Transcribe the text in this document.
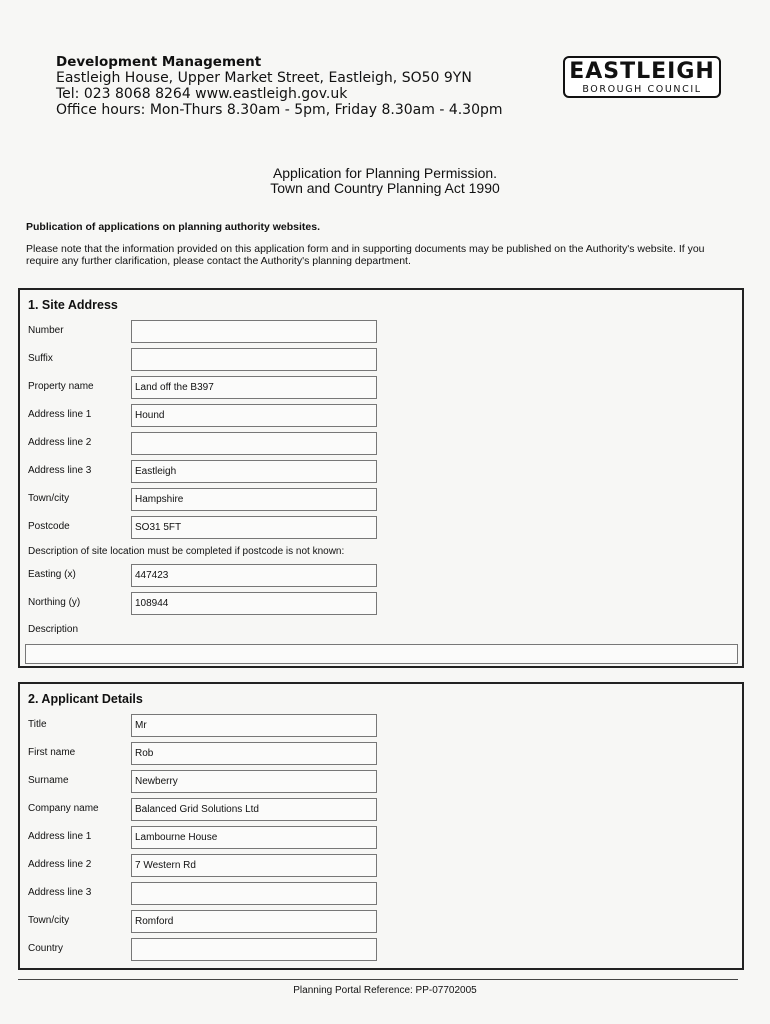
Development Management
Eastleigh House, Upper Market Street, Eastleigh, SO50 9YN
Tel: 023 8068 8264 www.eastleigh.gov.uk
Office hours: Mon-Thurs 8.30am - 5pm, Friday 8.30am - 4.30pm
EASTLEIGH
BOROUGH COUNCIL
Application for Planning Permission.
Town and Country Planning Act 1990
Publication of applications on planning authority websites.
Please note that the information provided on this application form and in supporting documents may be published on the Authority's website. If you require any further clarification, please contact the Authority's planning department.
1. Site Address
Number
Suffix
Property name	Land off the B397
Address line 1	Hound
Address line 2
Address line 3	Eastleigh
Town/city	Hampshire
Postcode	SO31 5FT
Description of site location must be completed if postcode is not known:
Easting (x)	447423
Northing (y)	108944
Description
2. Applicant Details
Title	Mr
First name	Rob
Surname	Newberry
Company name	Balanced Grid Solutions Ltd
Address line 1	Lambourne House
Address line 2	7 Western Rd
Address line 3
Town/city	Romford
Country
Planning Portal Reference: PP-07702005
